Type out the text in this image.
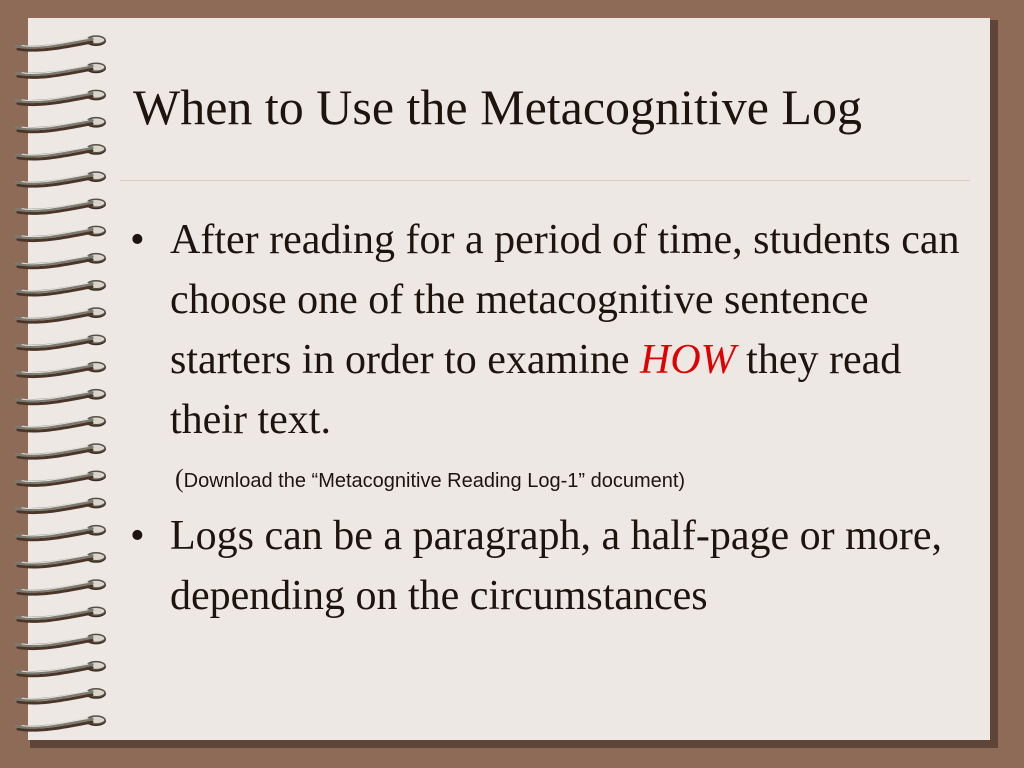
When to Use the Metacognitive Log
• After reading for a period of time, students can choose one of the metacognitive sentence starters in order to examine HOW they read their text.
(Download the “Metacognitive Reading Log-1” document)
• Logs can be a paragraph, a half-page or more, depending on the circumstances
